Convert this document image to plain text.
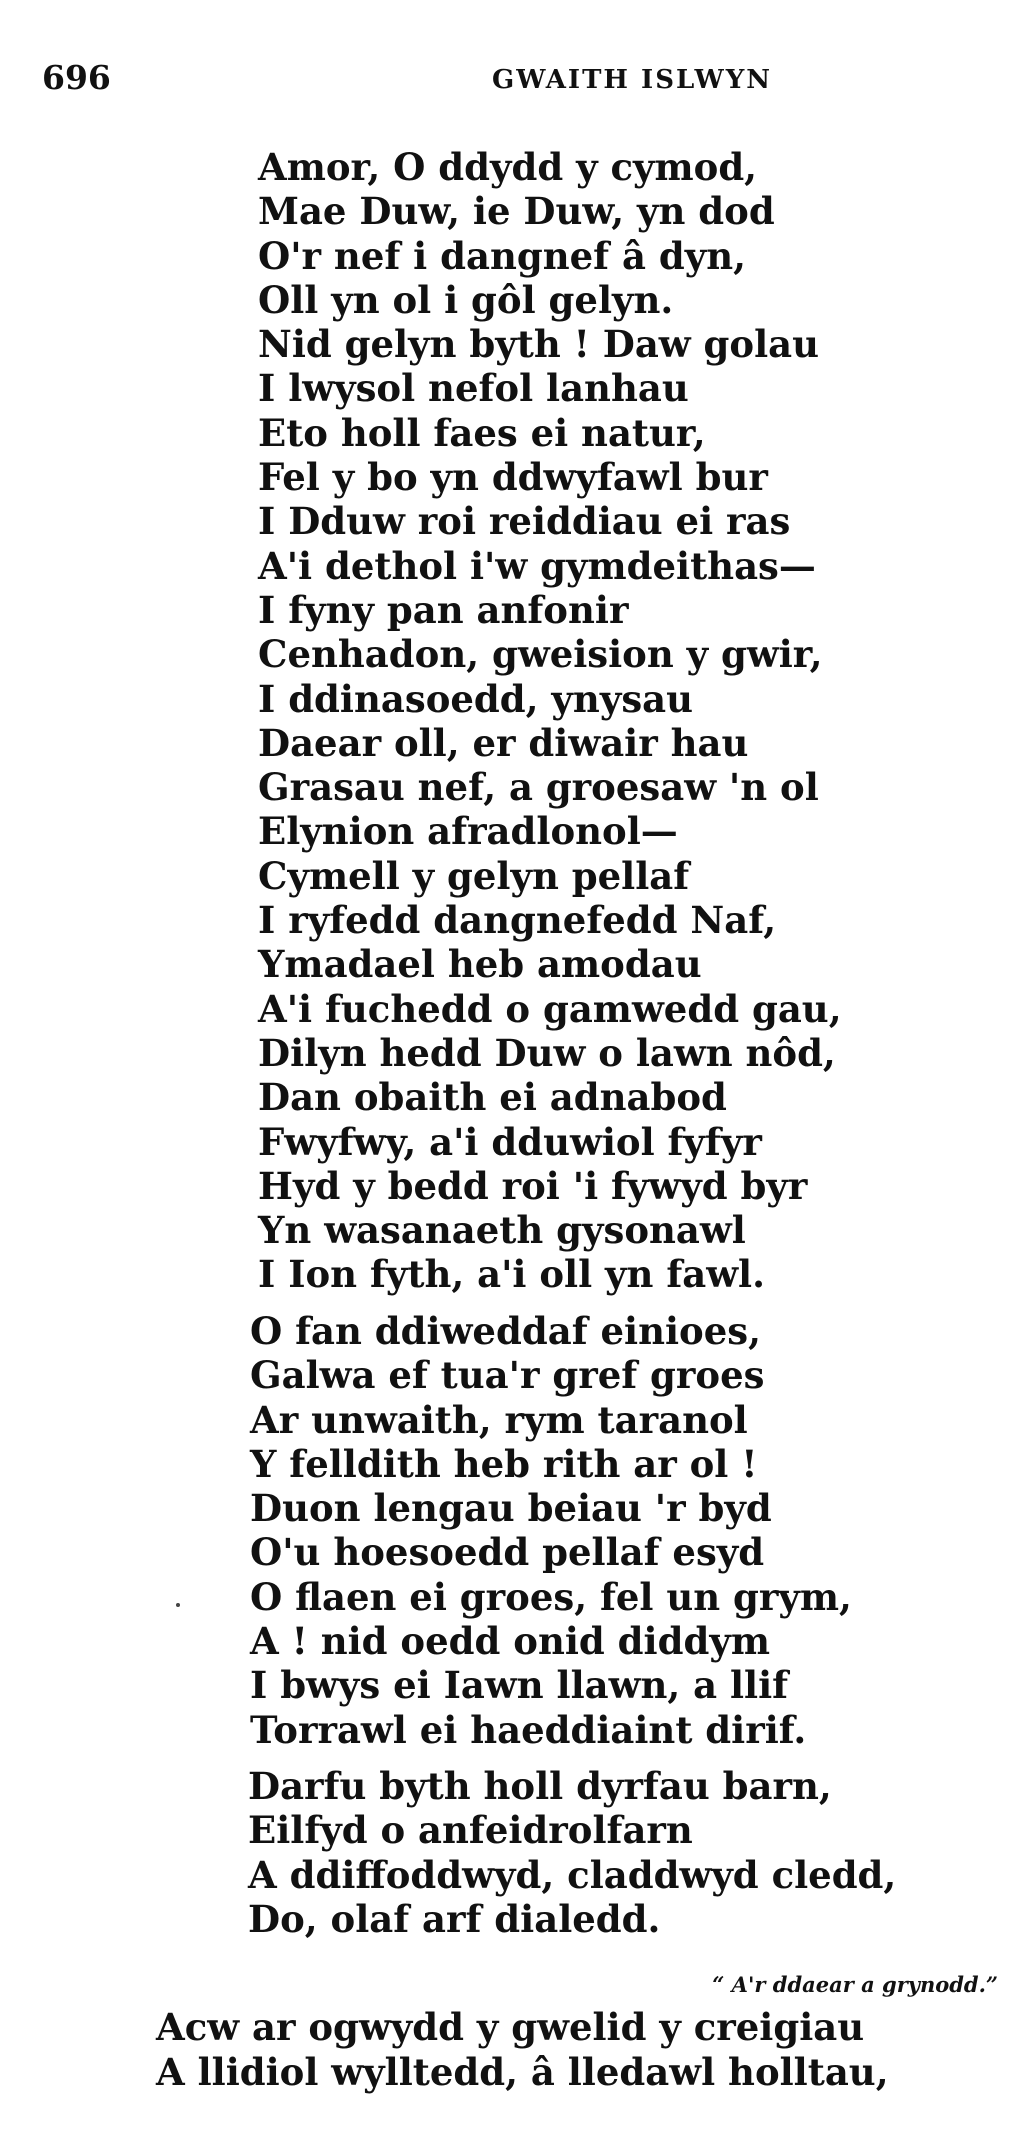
696	GWAITH ISLWYN
Amor, O ddydd y cymod,
Mae Duw, ie Duw, yn dod
O'r nef i dangnef â dyn,
Oll yn ol i gôl gelyn.
Nid gelyn byth ! Daw golau
I lwysol nefol lanhau
Eto holl faes ei natur,
Fel y bo yn ddwyfawl bur
I Dduw roi reiddiau ei ras
A'i dethol i'w gymdeithas—
I fyny pan anfonir
Cenhadon, gweision y gwir,
I ddinasoedd, ynysau
Daear oll, er diwair hau
Grasau nef, a groesaw 'n ol
Elynion afradlonol—
Cymell y gelyn pellaf
I ryfedd dangnefedd Naf,
Ymadael heb amodau
A'i fuchedd o gamwedd gau,
Dilyn hedd Duw o lawn nôd,
Dan obaith ei adnabod
Fwyfwy, a'i dduwiol fyfyr
Hyd y bedd roi 'i fywyd byr
Yn wasanaeth gysonawl
I Ion fyth, a'i oll yn fawl.
O fan ddiweddaf einioes,
Galwa ef tua'r gref groes
Ar unwaith, rym taranol
Y felldith heb rith ar ol !
Duon lengau beiau 'r byd
O'u hoesoedd pellaf esyd
O flaen ei groes, fel un grym,
A ! nid oedd onid diddym
I bwys ei Iawn llawn, a llif
Torrawl ei haeddiaint dirif.
Darfu byth holl dyrfau barn,
Eilfyd o anfeidrolfarn
A ddiffoddwyd, claddwyd cledd,
Do, olaf arf dialedd.
“ A'r ddaear a grynodd.”
Acw ar ogwydd y gwelid y creigiau
A llidiol wylltedd, â lledawl holltau,
